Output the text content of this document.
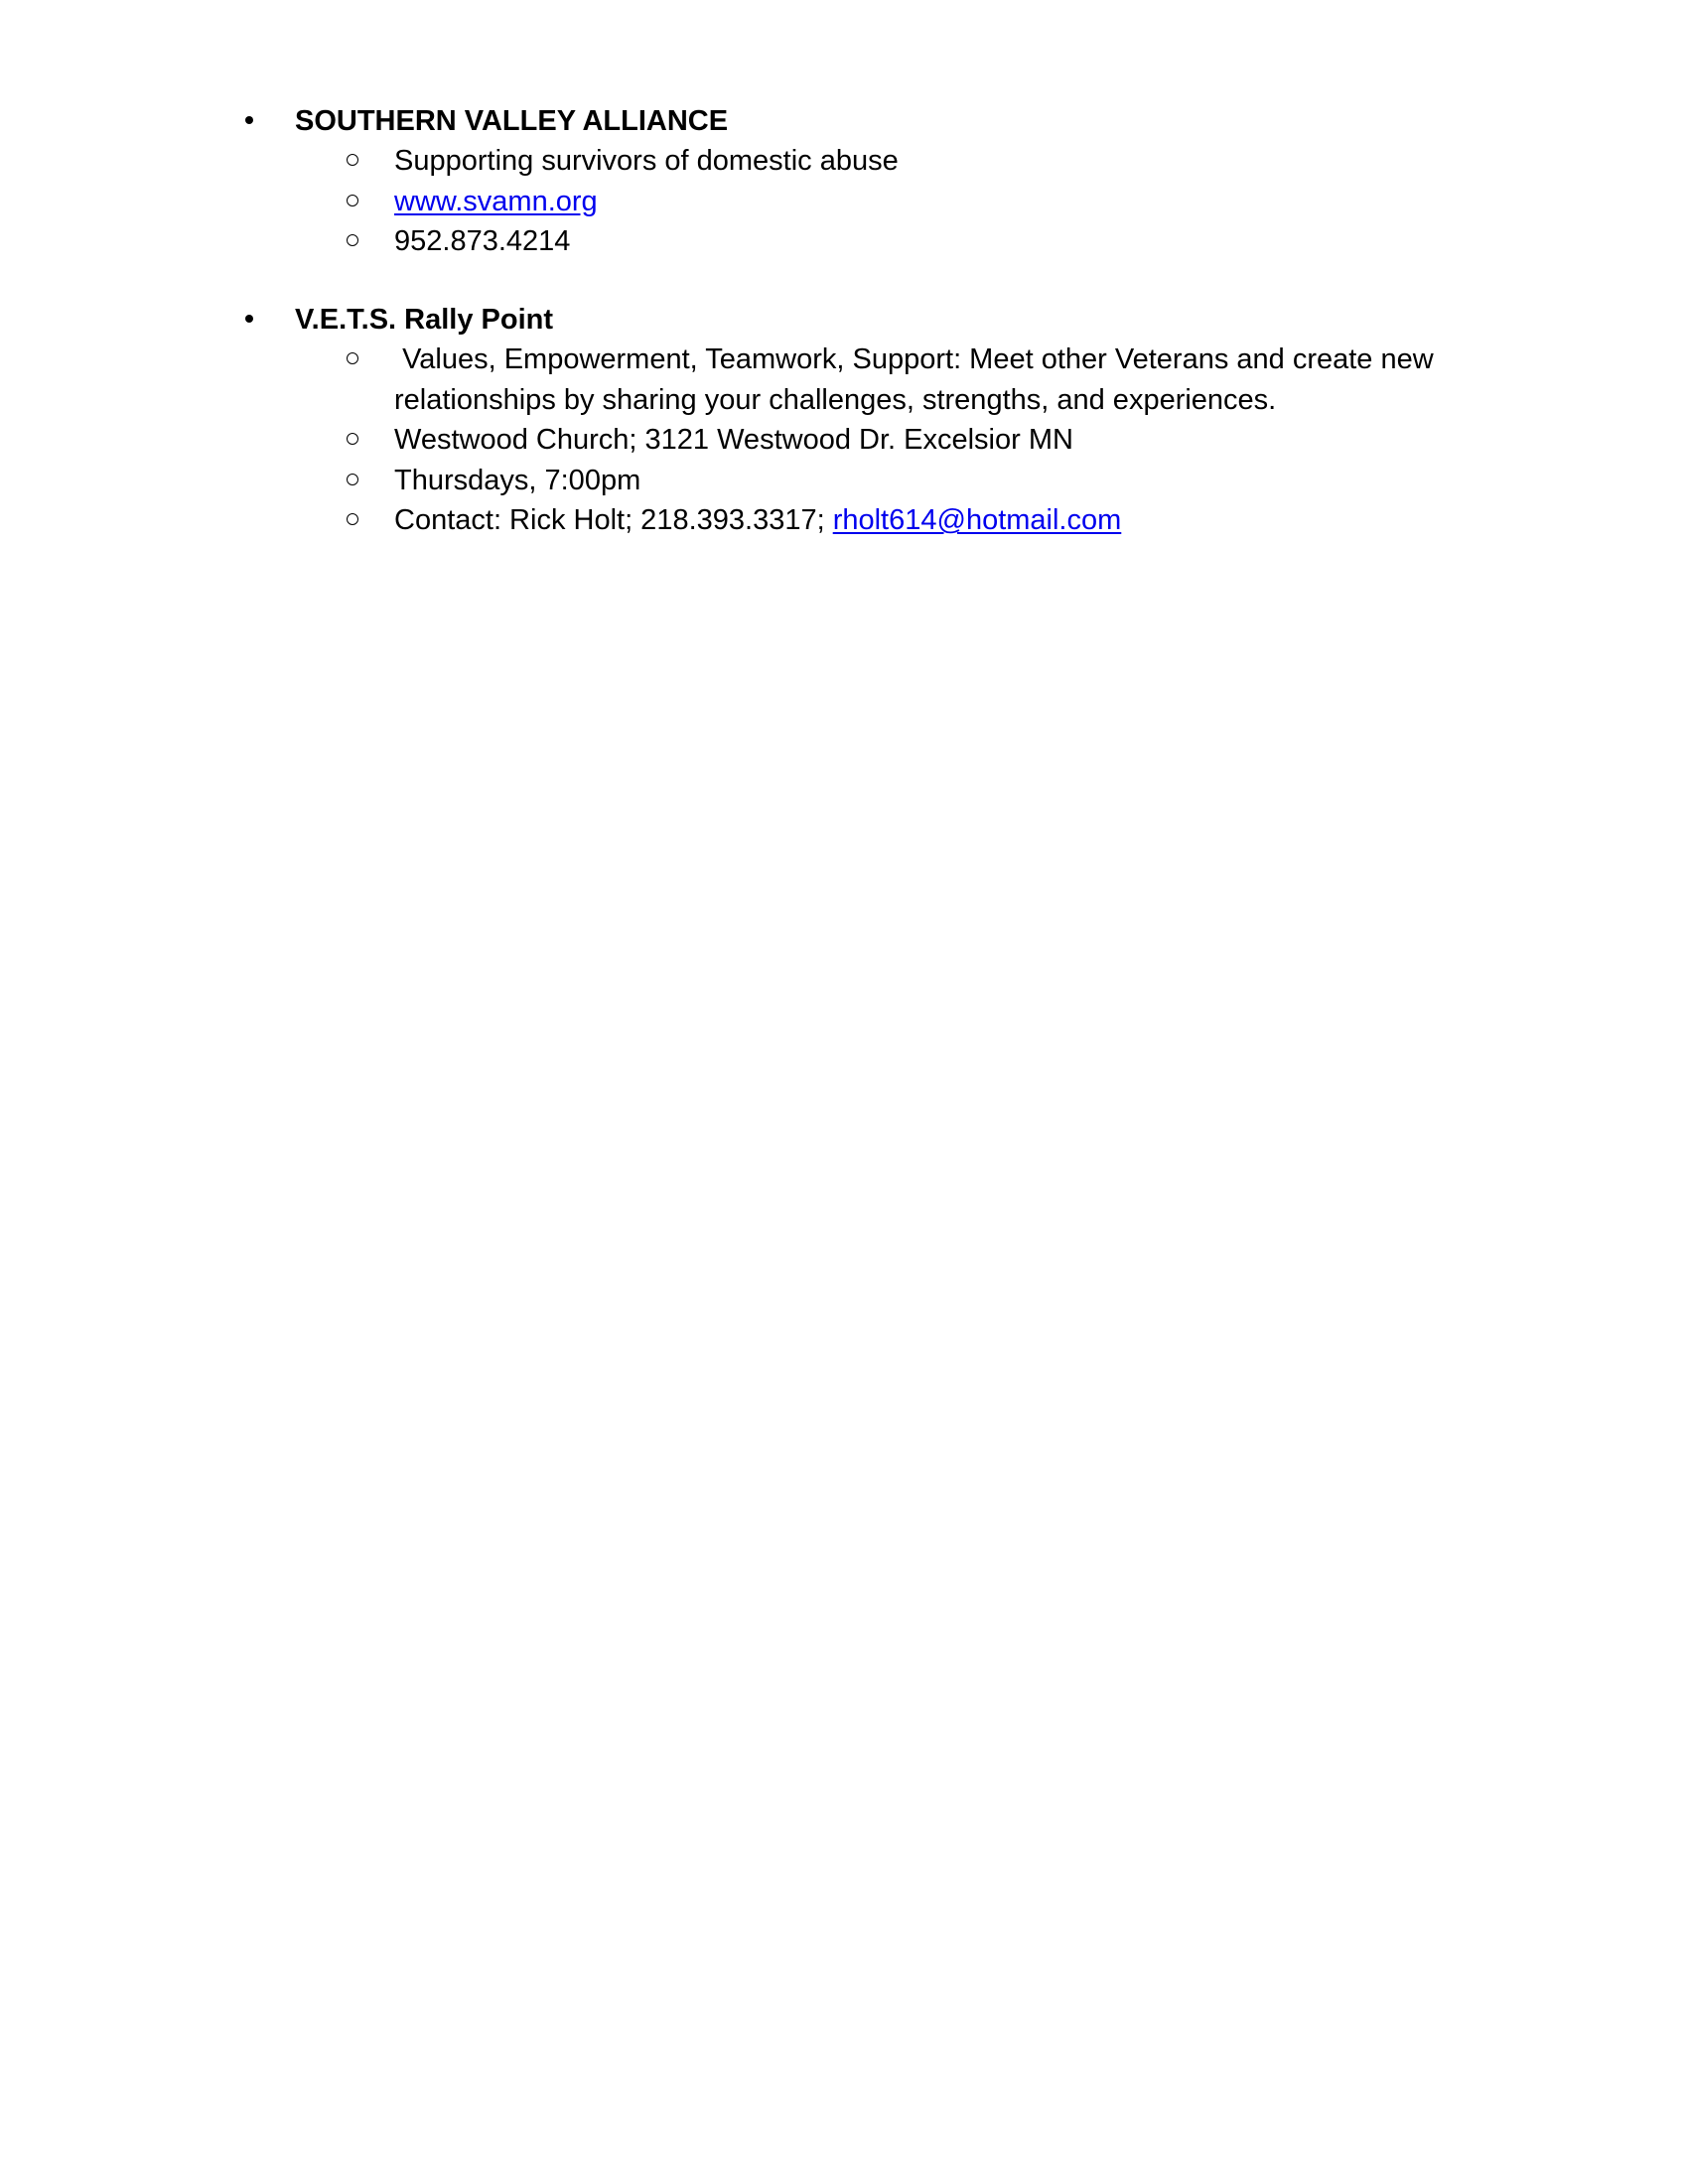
SOUTHERN VALLEY ALLIANCE
Supporting survivors of domestic abuse
www.svamn.org
952.873.4214
V.E.T.S. Rally Point
Values, Empowerment, Teamwork, Support: Meet other Veterans and create new relationships by sharing your challenges, strengths, and experiences.
Westwood Church; 3121 Westwood Dr. Excelsior MN
Thursdays, 7:00pm
Contact: Rick Holt; 218.393.3317; rholt614@hotmail.com
